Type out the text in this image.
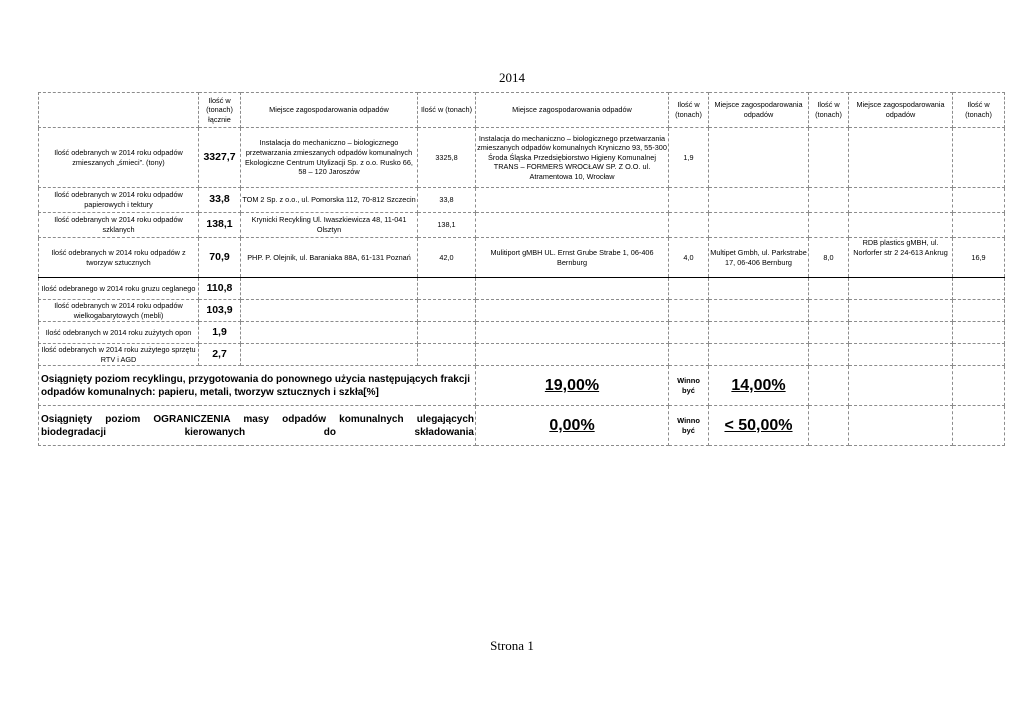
2014
	Ilość w (tonach) łącznie	Miejsce zagospodarowania odpadów	Ilość w (tonach)	Miejsce zagospodarowania odpadów	Ilość w (tonach)	Miejsce zagospodarowania odpadów	Ilość w (tonach)	Miejsce zagospodarowania odpadów	Ilość w (tonach)
Ilość odebranych w 2014 roku odpadów zmieszanych „śmieci”. (tony)	3327,7	Instalacja do mechaniczno – biologicznego przetwarzania zmieszanych odpadów komunalnych Ekologiczne Centrum Utylizacji Sp. z o.o. Rusko 66, 58 – 120 Jaroszów	3325,8	Instalacja do mechaniczno – biologicznego przetwarzania zmieszanych odpadów komunalnych Kryniczno 93, 55-300 Środa Śląska Przedsiębiorstwo Higieny Komunalnej TRANS – FORMERS WROCŁAW SP. Z O.O. ul. Atramentowa 10, Wrocław	1,9				
Ilość odebranych w 2014 roku odpadów papierowych i tektury	33,8	TOM 2 Sp. z o.o., ul. Pomorska 112, 70-812 Szczecin	33,8						
Ilość odebranych w 2014 roku odpadów szklanych	138,1	Krynicki Recykling Ul. Iwaszkiewicza 48, 11-041 Olsztyn	138,1						
Ilość odebranych w 2014 roku odpadów z tworzyw sztucznych	70,9	PHP. P. Olejnik, ul. Baraniaka 88A, 61-131 Poznań	42,0	Mulitiport gMBH UL. Ernst Grube Strabe 1, 06-406 Bernburg	4,0	Multipet Gmbh, ul. Parkstrabe 17, 06-406 Bernburg	8,0	RDB plastics gMBH, ul. Norforfer str 2 24-613 Ankrug	16,9
Ilość odebranego w 2014 roku gruzu ceglanego	110,8								
Ilość odebranych w 2014 roku odpadów wielkogabarytowych (mebli)	103,9								
Ilość odebranych w 2014 roku zużytych opon	1,9								
Ilość odebranych w 2014 roku zużytego sprzętu RTV i AGD	2,7								
Osiągnięty poziom recyklingu, przygotowania do ponownego użycia następujących frakcji odpadów komunalnych: papieru, metali, tworzyw sztucznych i szkła[%]				19,00%	Winno być	14,00%			
Osiągnięty poziom OGRANICZENIA masy odpadów komunalnych ulegających biodegradacji kierowanych do składowania				0,00%	Winno być	< 50,00%			
Strona 1
